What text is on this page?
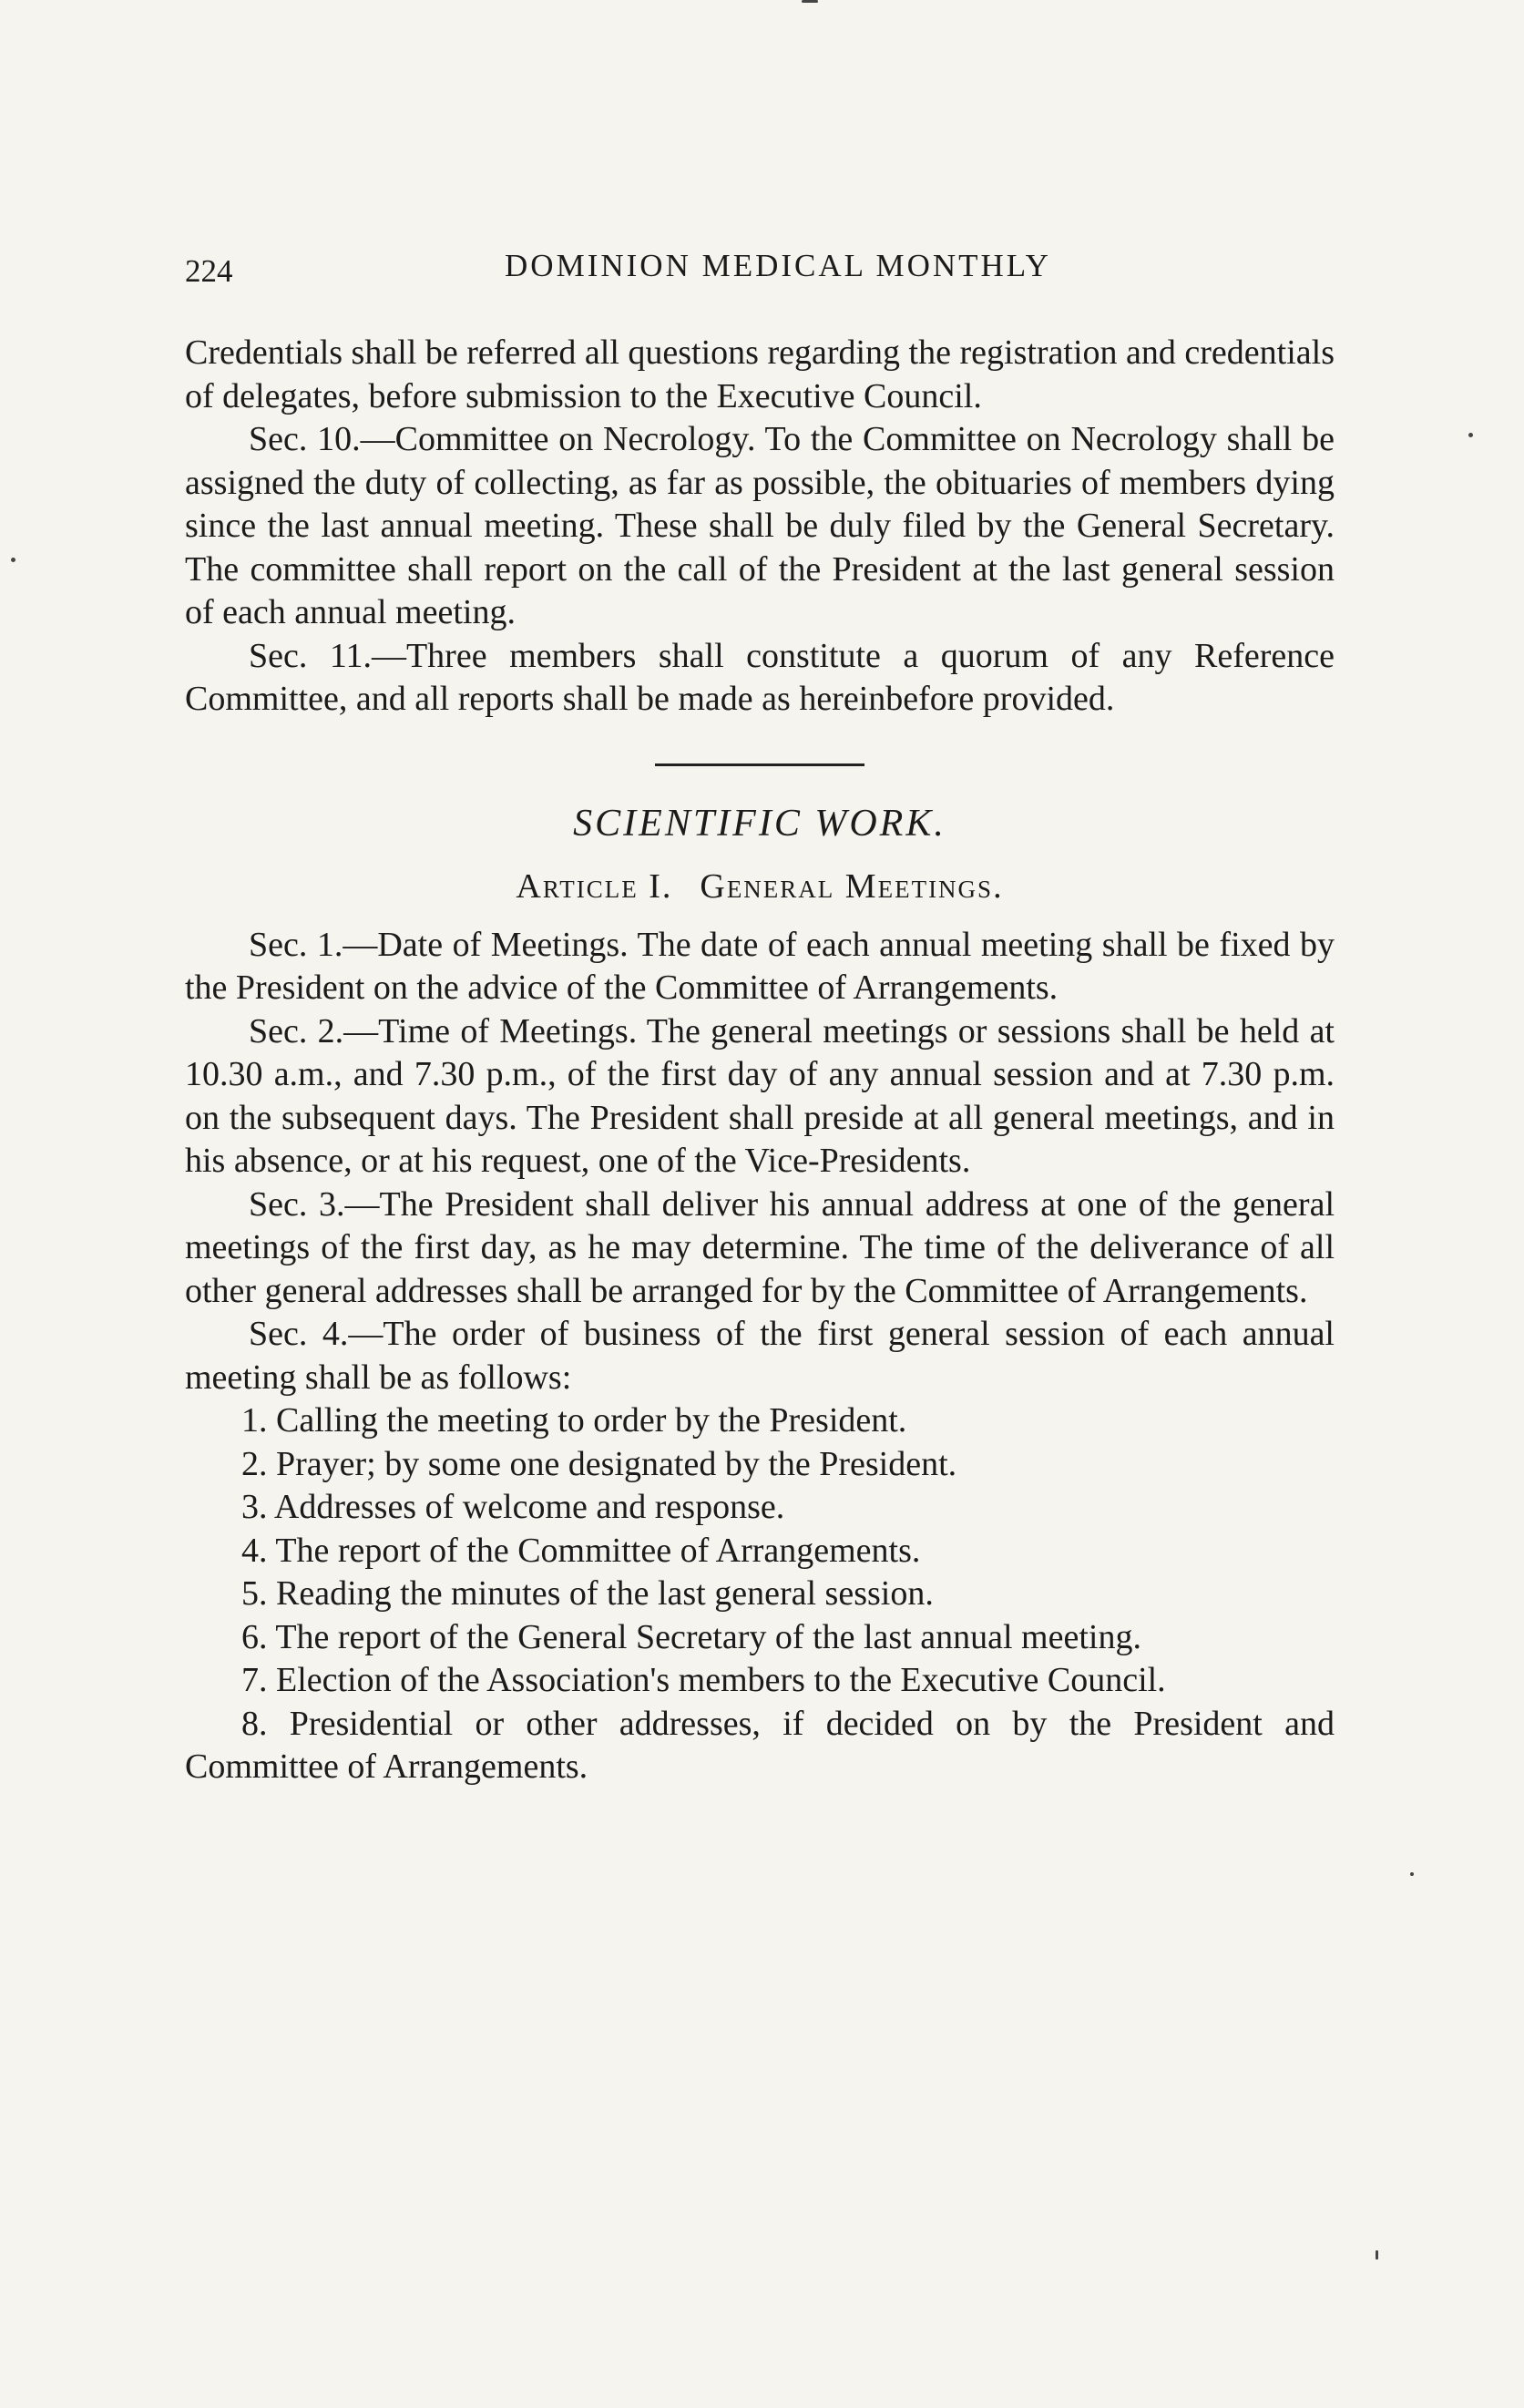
224	DOMINION MEDICAL MONTHLY

Credentials shall be referred all questions regarding the registration and credentials of delegates, before submission to the Executive Council.

Sec. 10.—Committee on Necrology. To the Committee on Necrology shall be assigned the duty of collecting, as far as possible, the obituaries of members dying since the last annual meeting. These shall be duly filed by the General Secretary. The committee shall report on the call of the President at the last general session of each annual meeting.

Sec. 11.—Three members shall constitute a quorum of any Reference Committee, and all reports shall be made as hereinbefore provided.

SCIENTIFIC WORK.
Article I. General Meetings.

Sec. 1.—Date of Meetings. The date of each annual meeting shall be fixed by the President on the advice of the Committee of Arrangements.

Sec. 2.—Time of Meetings. The general meetings or sessions shall be held at 10.30 a.m., and 7.30 p.m., of the first day of any annual session and at 7.30 p.m. on the subsequent days. The President shall preside at all general meetings, and in his absence, or at his request, one of the Vice-Presidents.

Sec. 3.—The President shall deliver his annual address at one of the general meetings of the first day, as he may determine. The time of the deliverance of all other general addresses shall be arranged for by the Committee of Arrangements.

Sec. 4.—The order of business of the first general session of each annual meeting shall be as follows:

1. Calling the meeting to order by the President.

2. Prayer; by some one designated by the President.

3. Addresses of welcome and response.

4. The report of the Committee of Arrangements.

5. Reading the minutes of the last general session.

6. The report of the General Secretary of the last annual meeting.

7. Election of the Association's members to the Executive Council.

8. Presidential or other addresses, if decided on by the President and Committee of Arrangements.
